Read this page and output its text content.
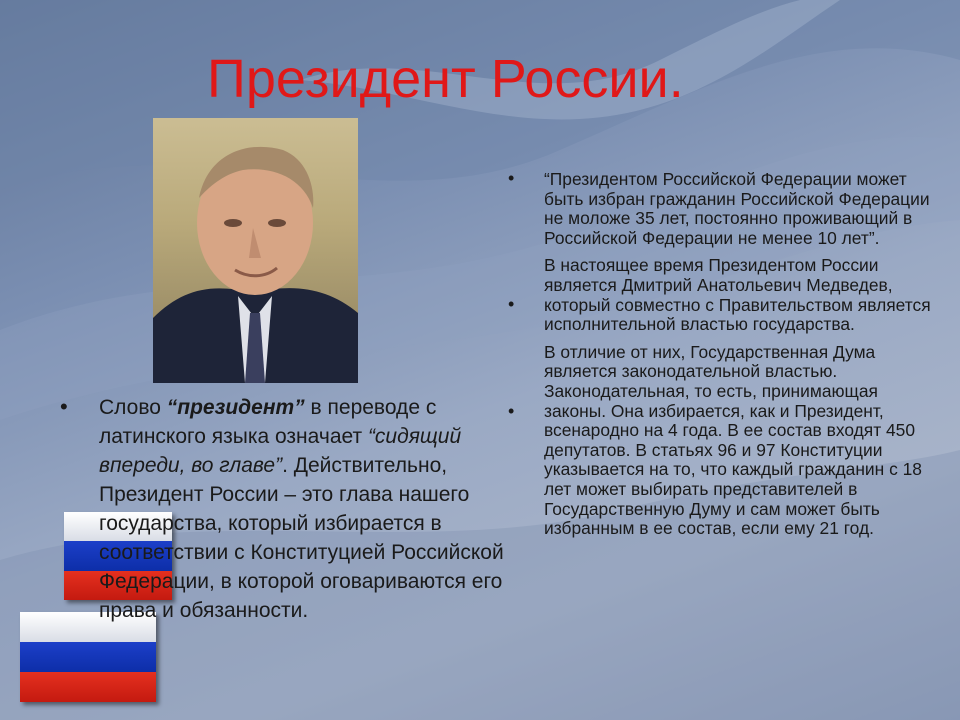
Президент России.
• Слово “президент” в переводе с латинского языка означает “сидящий впереди, во главе”. Действительно, Президент России – это глава нашего государства, который избирается в соответствии с Конституцией Российской Федерации, в которой оговариваются его права и обязанности.
•
•
•

“Президентом Российской Федерации может быть избран гражданин Российской Федерации не моложе 35 лет, постоянно проживающий в Российской Федерации не менее 10 лет”.

В настоящее время Президентом России является Дмитрий Анатольевич Медведев, который совместно с Правительством является исполнительной властью государства.

В отличие от них, Государственная Дума является законодательной властью. Законодательная, то есть, принимающая законы. Она избирается, как и Президент, всенародно на 4 года. В ее состав входят 450 депутатов. В статьях 96 и 97 Конституции указывается на то, что каждый гражданин с 18 лет может выбирать представителей в Государственную Думу и сам может быть избранным в ее состав, если ему 21 год.
